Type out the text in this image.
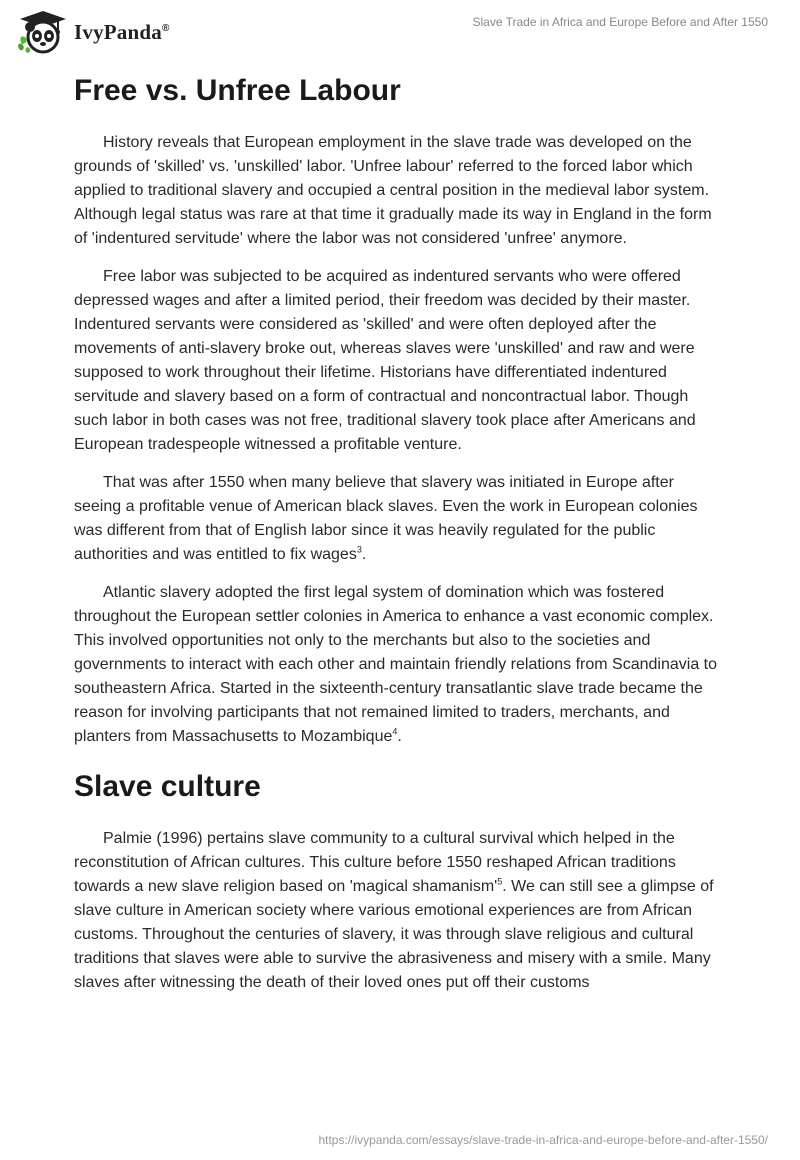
IvyPanda®	Slave Trade in Africa and Europe Before and After 1550
Free vs. Unfree Labour

History reveals that European employment in the slave trade was developed on the grounds of 'skilled' vs. 'unskilled' labor. 'Unfree labour' referred to the forced labor which applied to traditional slavery and occupied a central position in the medieval labor system. Although legal status was rare at that time it gradually made its way in England in the form of 'indentured servitude' where the labor was not considered 'unfree' anymore.

Free labor was subjected to be acquired as indentured servants who were offered depressed wages and after a limited period, their freedom was decided by their master. Indentured servants were considered as 'skilled' and were often deployed after the movements of anti-slavery broke out, whereas slaves were 'unskilled' and raw and were supposed to work throughout their lifetime. Historians have differentiated indentured servitude and slavery based on a form of contractual and noncontractual labor. Though such labor in both cases was not free, traditional slavery took place after Americans and European tradespeople witnessed a profitable venture.

That was after 1550 when many believe that slavery was initiated in Europe after seeing a profitable venue of American black slaves. Even the work in European colonies was different from that of English labor since it was heavily regulated for the public authorities and was entitled to fix wages$^3$.

Atlantic slavery adopted the first legal system of domination which was fostered throughout the European settler colonies in America to enhance a vast economic complex. This involved opportunities not only to the merchants but also to the societies and governments to interact with each other and maintain friendly relations from Scandinavia to southeastern Africa. Started in the sixteenth-century transatlantic slave trade became the reason for involving participants that not remained limited to traders, merchants, and planters from Massachusetts to Mozambique$^4$.

Slave culture

Palmie (1996) pertains slave community to a cultural survival which helped in the reconstitution of African cultures. This culture before 1550 reshaped African traditions towards a new slave religion based on 'magical shamanism'$^5$. We can still see a glimpse of slave culture in American society where various emotional experiences are from African customs. Throughout the centuries of slavery, it was through slave religious and cultural traditions that slaves were able to survive the abrasiveness and misery with a smile. Many slaves after witnessing the death of their loved ones put off their customs

https://ivypanda.com/essays/slave-trade-in-africa-and-europe-before-and-after-1550/
